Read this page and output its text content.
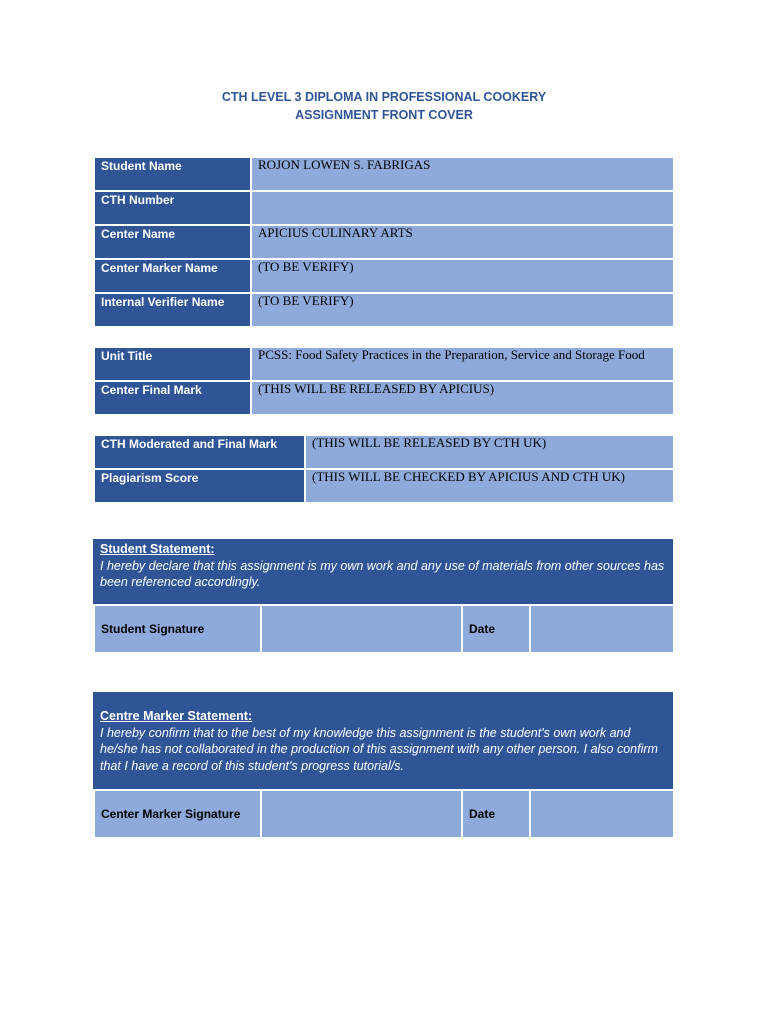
CTH LEVEL 3 DIPLOMA IN PROFESSIONAL COOKERY
ASSIGNMENT FRONT COVER
Student Name	ROJON LOWEN S. FABRIGAS
CTH Number	
Center Name	APICIUS CULINARY ARTS
Center Marker Name	(TO BE VERIFY)
Internal Verifier Name	(TO BE VERIFY)
Unit Title	PCSS: Food Safety Practices in the Preparation, Service and Storage Food
Center Final Mark	(THIS WILL BE RELEASED BY APICIUS)
CTH Moderated and Final Mark	(THIS WILL BE RELEASED BY CTH UK)
Plagiarism Score	(THIS WILL BE CHECKED BY APICIUS AND CTH UK)
Student Statement:
I hereby declare that this assignment is my own work and any use of materials from other sources has been referenced accordingly.
Student Signature		Date	
Centre Marker Statement:
I hereby confirm that to the best of my knowledge this assignment is the student's own work and he/she has not collaborated in the production of this assignment with any other person. I also confirm that I have a record of this student's progress tutorial/s.
Center Marker Signature		Date	
